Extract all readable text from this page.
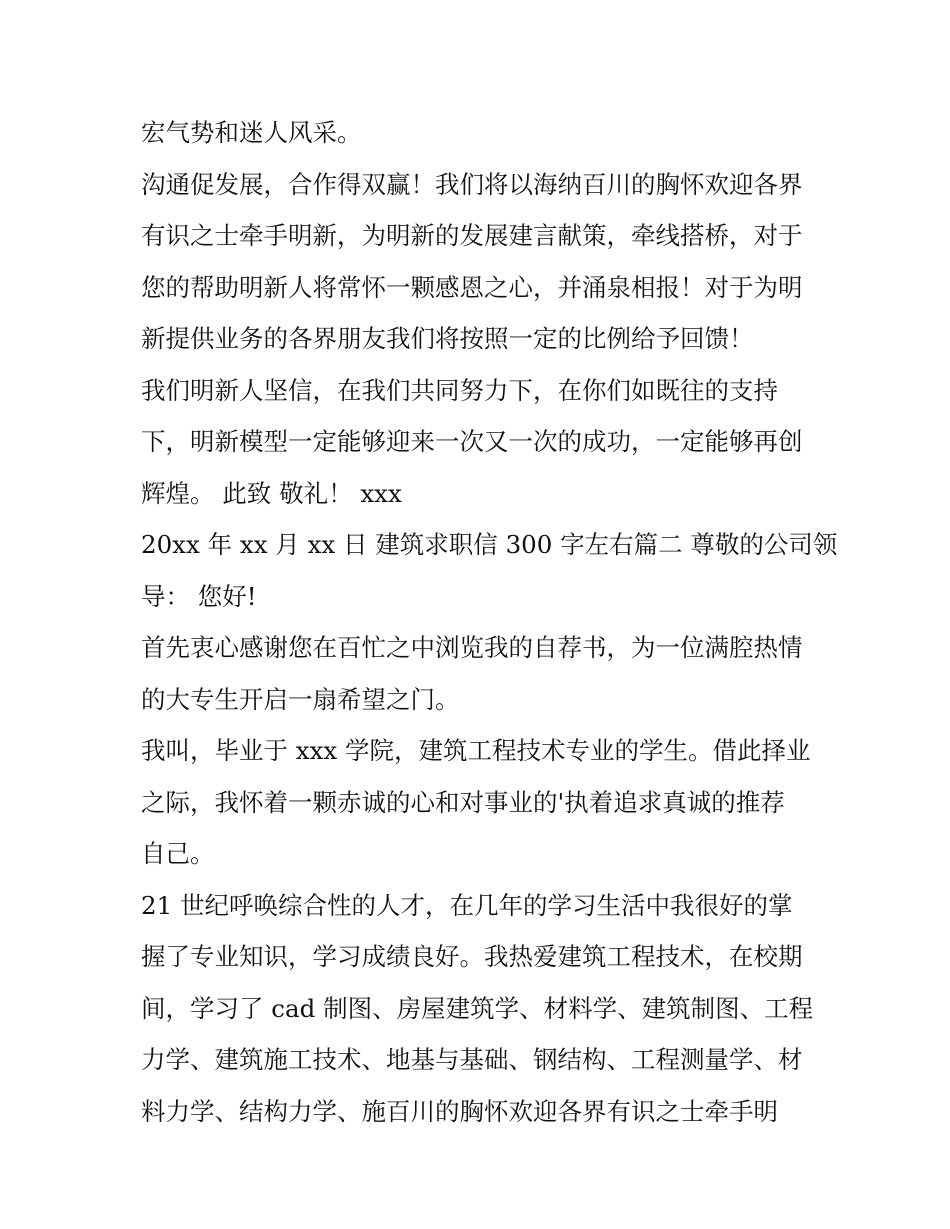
宏气势和迷人风采。
沟通促发展，合作得双赢！我们将以海纳百川的胸怀欢迎各界
有识之士牵手明新，为明新的发展建言献策，牵线搭桥，对于
您的帮助明新人将常怀一颗感恩之心，并涌泉相报！对于为明
新提供业务的各界朋友我们将按照一定的比例给予回馈！
我们明新人坚信，在我们共同努力下，在你们如既往的支持
下，明新模型一定能够迎来一次又一次的成功，一定能够再创
辉煌。 此致 敬礼！ xxx
20xx 年 xx 月 xx 日 建筑求职信 300 字左右篇二 尊敬的公司领
导： 您好!
首先衷心感谢您在百忙之中浏览我的自荐书，为一位满腔热情
的大专生开启一扇希望之门。
我叫，毕业于 xxx 学院，建筑工程技术专业的学生。借此择业
之际，我怀着一颗赤诚的心和对事业的'执着追求真诚的推荐
自己。
21 世纪呼唤综合性的人才，在几年的学习生活中我很好的掌
握了专业知识，学习成绩良好。我热爱建筑工程技术，在校期
间，学习了 cad 制图、房屋建筑学、材料学、建筑制图、工程
力学、建筑施工技术、地基与基础、钢结构、工程测量学、材
料力学、结构力学、施百川的胸怀欢迎各界有识之士牵手明
